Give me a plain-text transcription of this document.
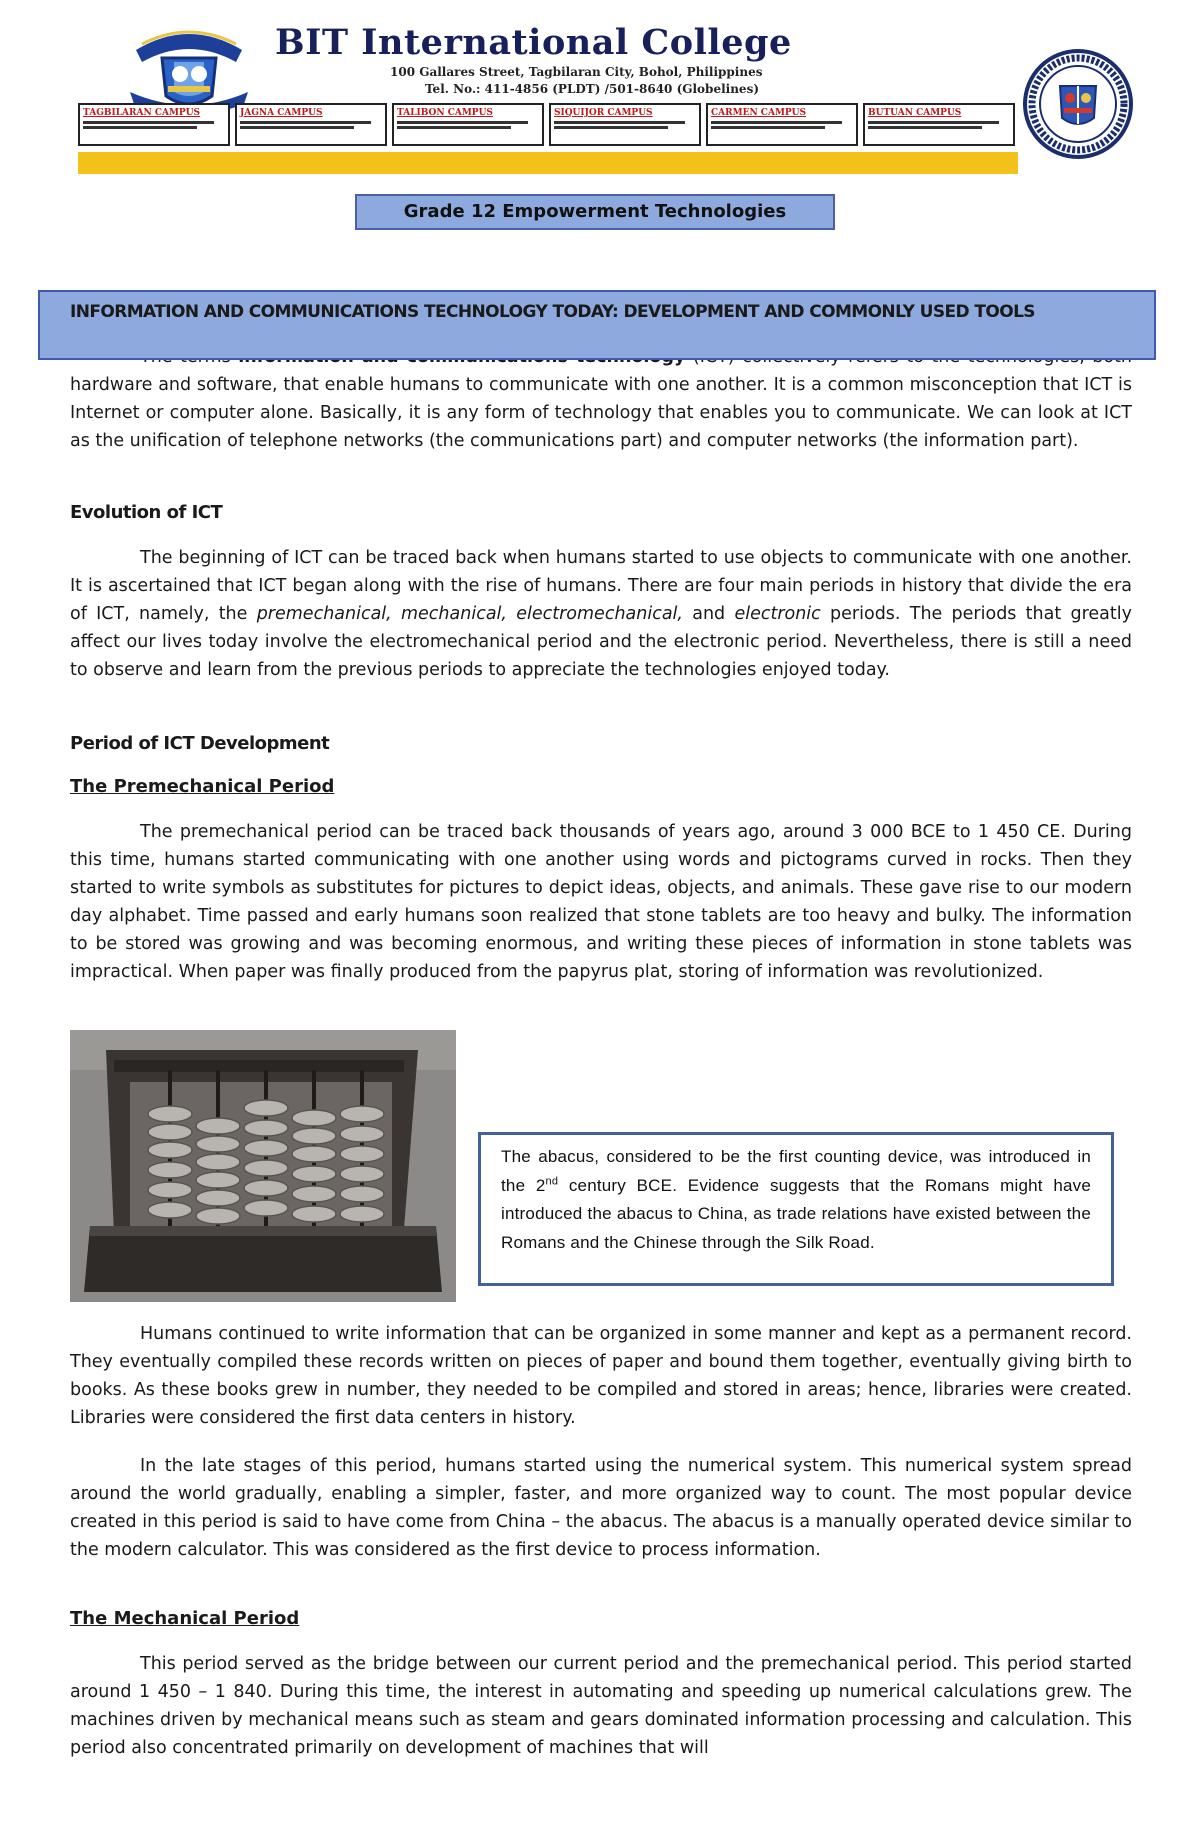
BIT International College
100 Gallares Street, Tagbilaran City, Bohol, Philippines
Tel. No.: 411-4856 (PLDT) /501-8640 (Globelines)
TAGBILARAN CAMPUS	JAGNA CAMPUS	TALIBON CAMPUS	SIQUIJOR CAMPUS	CARMEN CAMPUS	BUTUAN CAMPUS
Grade 12 Empowerment Technologies
INFORMATION AND COMMUNICATIONS TECHNOLOGY TODAY: DEVELOPMENT AND COMMONLY USED TOOLS

hardware and software, that enable humans to communicate with one another. It is a common misconception that ICT is Internet or computer alone. Basically, it is any form of technology that enables you to communicate. We can look at ICT as the unification of telephone networks (the communications part) and computer networks (the information part).

Evolution of ICT

The beginning of ICT can be traced back when humans started to use objects to communicate with one another. It is ascertained that ICT began along with the rise of humans. There are four main periods in history that divide the era of ICT, namely, the premechanical, mechanical, electromechanical, and electronic periods. The periods that greatly affect our lives today involve the electromechanical period and the electronic period. Nevertheless, there is still a need to observe and learn from the previous periods to appreciate the technologies enjoyed today.

Period of ICT Development
The Premechanical Period

The premechanical period can be traced back thousands of years ago, around 3 000 BCE to 1 450 CE. During this time, humans started communicating with one another using words and pictograms curved in rocks. Then they started to write symbols as substitutes for pictures to depict ideas, objects, and animals. These gave rise to our modern day alphabet. Time passed and early humans soon realized that stone tablets are too heavy and bulky. The information to be stored was growing and was becoming enormous, and writing these pieces of information in stone tablets was impractical. When paper was finally produced from the papyrus plat, storing of information was revolutionized.

The abacus, considered to be the first counting device, was introduced in the 2nd century BCE. Evidence suggests that the Romans might have introduced the abacus to China, as trade relations have existed between the Romans and the Chinese through the Silk Road.

Humans continued to write information that can be organized in some manner and kept as a permanent record. They eventually compiled these records written on pieces of paper and bound them together, eventually giving birth to books. As these books grew in number, they needed to be compiled and stored in areas; hence, libraries were created. Libraries were considered the first data centers in history.

In the late stages of this period, humans started using the numerical system. This numerical system spread around the world gradually, enabling a simpler, faster, and more organized way to count. The most popular device created in this period is said to have come from China – the abacus. The abacus is a manually operated device similar to the modern calculator. This was considered as the first device to process information.

The Mechanical Period

This period served as the bridge between our current period and the premechanical period. This period started around 1 450 – 1 840. During this time, the interest in automating and speeding up numerical calculations grew. The machines driven by mechanical means such as steam and gears dominated information processing and calculation. This period also concentrated primarily on development of machines that will
